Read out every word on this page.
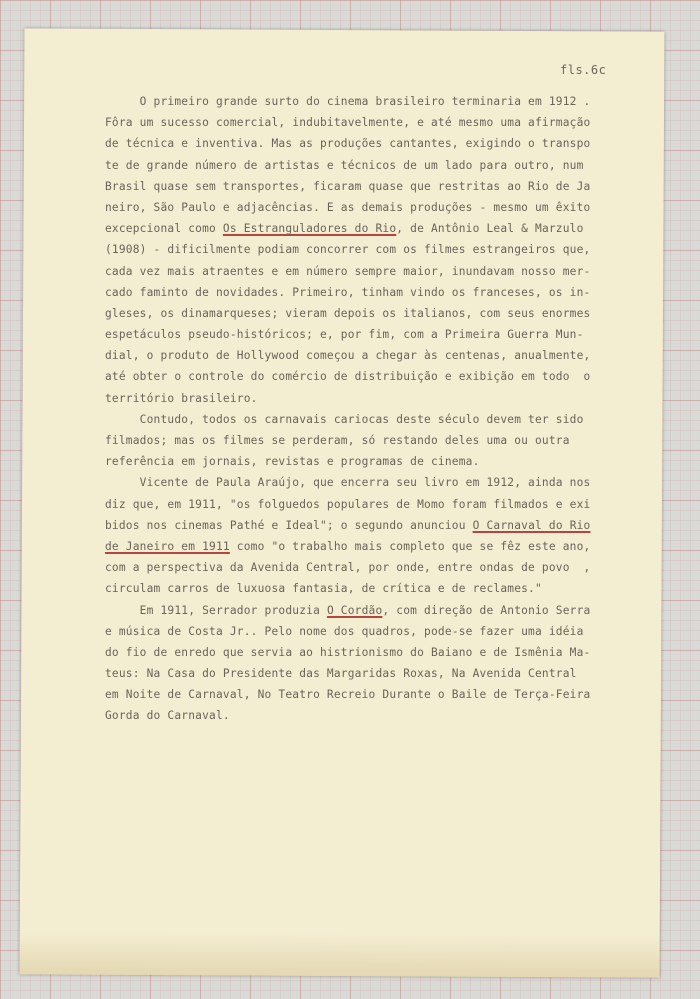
fls.6c
O primeiro grande surto do cinema brasileiro terminaria em 1912 .
Fôra um sucesso comercial, indubitavelmente, e até mesmo uma afirmação
de técnica e inventiva. Mas as produções cantantes, exigindo o transpo
te de grande número de artistas e técnicos de um lado para outro, num
Brasil quase sem transportes, ficaram quase que restritas ao Rio de Ja
neiro, São Paulo e adjacências. E as demais produções - mesmo um êxito
excepcional como Os Estranguladores do Rio, de Antônio Leal & Marzulo
(1908) - dificilmente podiam concorrer com os filmes estrangeiros que,
cada vez mais atraentes e em número sempre maior, inundavam nosso mer-
cado faminto de novidades. Primeiro, tinham vindo os franceses, os in-
gleses, os dinamarqueses; vieram depois os italianos, com seus enormes
espetáculos pseudo-históricos; e, por fim, com a Primeira Guerra Mun-
dial, o produto de Hollywood começou a chegar às centenas, anualmente,
até obter o controle do comércio de distribuição e exibição em todo  o
território brasileiro.
Contudo, todos os carnavais cariocas deste século devem ter sido
filmados; mas os filmes se perderam, só restando deles uma ou outra
referência em jornais, revistas e programas de cinema.
Vicente de Paula Araújo, que encerra seu livro em 1912, ainda nos
diz que, em 1911, "os folguedos populares de Momo foram filmados e exi
bidos nos cinemas Pathé e Ideal"; o segundo anunciou O Carnaval do Rio
de Janeiro em 1911 como "o trabalho mais completo que se fêz este ano,
com a perspectiva da Avenida Central, por onde, entre ondas de povo  ,
circulam carros de luxuosa fantasia, de crítica e de reclames."
Em 1911, Serrador produzia O Cordão, com direção de Antonio Serra
e música de Costa Jr.. Pelo nome dos quadros, pode-se fazer uma idéia
do fio de enredo que servia ao histrionismo do Baiano e de Ismênia Ma-
teus: Na Casa do Presidente das Margaridas Roxas, Na Avenida Central
em Noite de Carnaval, No Teatro Recreio Durante o Baile de Terça-Feira
Gorda do Carnaval.
